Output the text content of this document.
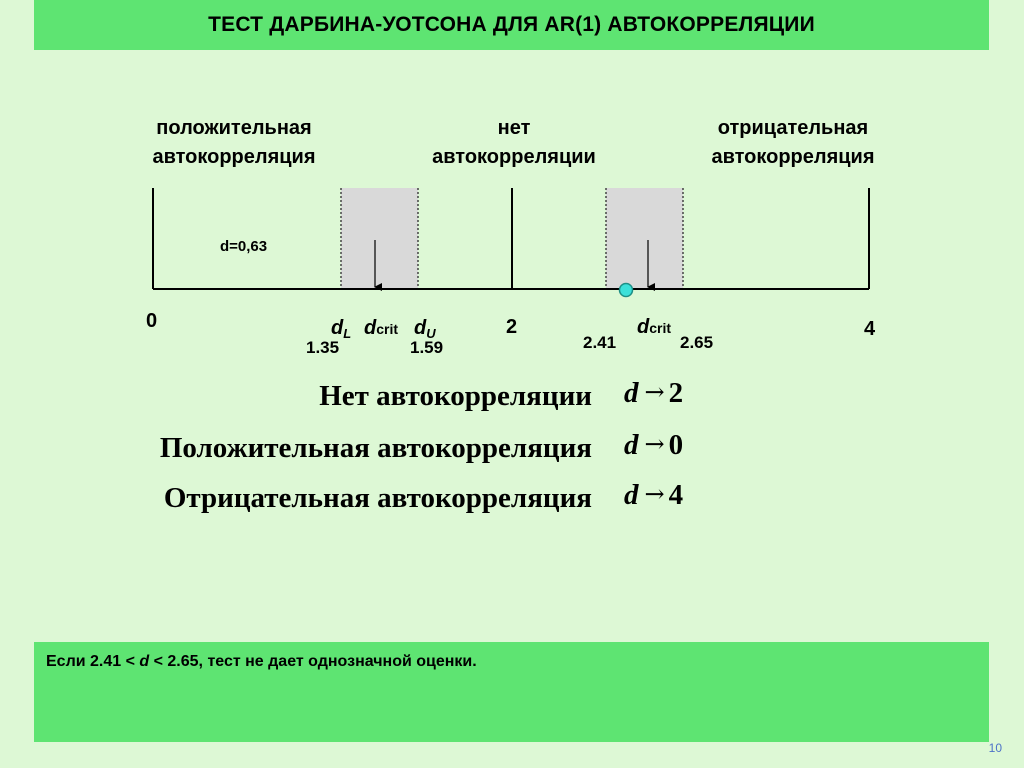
ТЕСТ ДАРБИНА-УОТСОНА ДЛЯ AR(1) АВТОКОРРЕЛЯЦИИ
положительная
автокорреляция
нет
автокорреляции
отрицательная
автокорреляция
d=0,63
0	2	4
$d_L$ dcrit $d_U$
1.35	1.59	2.41
dcrit
2.65
Нет автокорреляции d → 2
Положительная автокорреляция d → 0
Отрицательная автокорреляция d → 4
Если 2.41 < d < 2.65, тест не дает однозначной оценки.
10
